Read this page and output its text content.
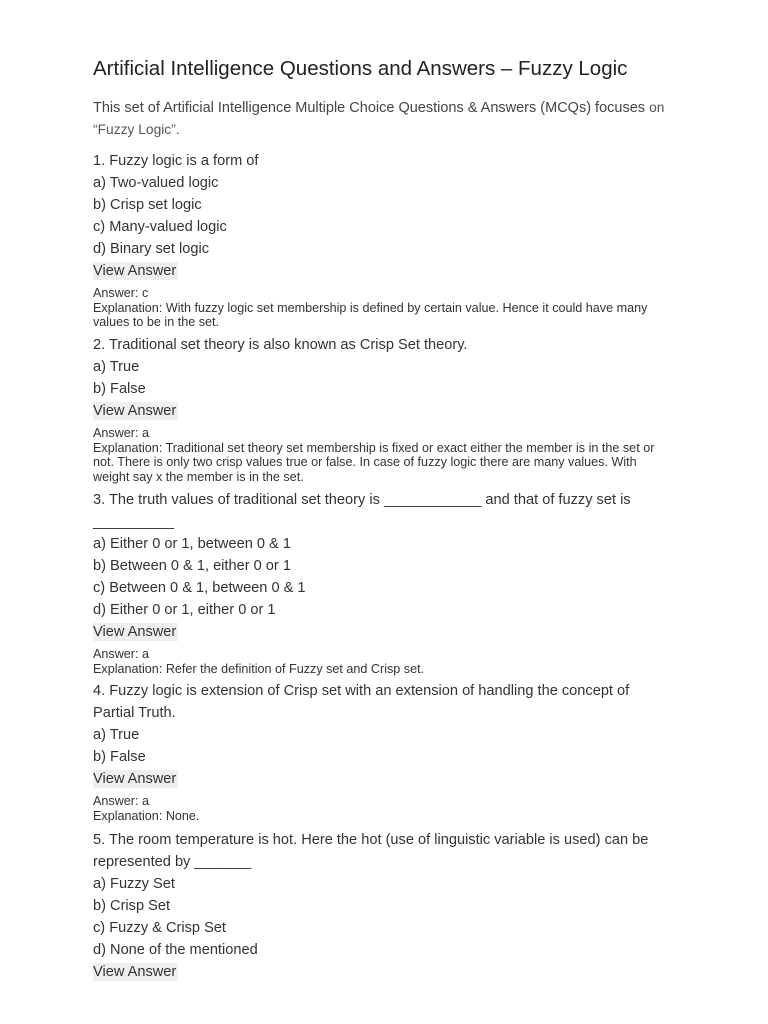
Artificial Intelligence Questions and Answers – Fuzzy Logic
This set of Artificial Intelligence Multiple Choice Questions & Answers (MCQs) focuses on “Fuzzy Logic”.
1. Fuzzy logic is a form of
a) Two-valued logic
b) Crisp set logic
c) Many-valued logic
d) Binary set logic
View Answer
Answer: c
Explanation: With fuzzy logic set membership is defined by certain value. Hence it could have many values to be in the set.
2. Traditional set theory is also known as Crisp Set theory.
a) True
b) False
View Answer
Answer: a
Explanation: Traditional set theory set membership is fixed or exact either the member is in the set or not. There is only two crisp values true or false. In case of fuzzy logic there are many values. With weight say x the member is in the set.
3. The truth values of traditional set theory is ____________ and that of fuzzy set is __________
a) Either 0 or 1, between 0 & 1
b) Between 0 & 1, either 0 or 1
c) Between 0 & 1, between 0 & 1
d) Either 0 or 1, either 0 or 1
View Answer
Answer: a
Explanation: Refer the definition of Fuzzy set and Crisp set.
4. Fuzzy logic is extension of Crisp set with an extension of handling the concept of Partial Truth.
a) True
b) False
View Answer
Answer: a
Explanation: None.
5. The room temperature is hot. Here the hot (use of linguistic variable is used) can be represented by _______
a) Fuzzy Set
b) Crisp Set
c) Fuzzy & Crisp Set
d) None of the mentioned
View Answer
